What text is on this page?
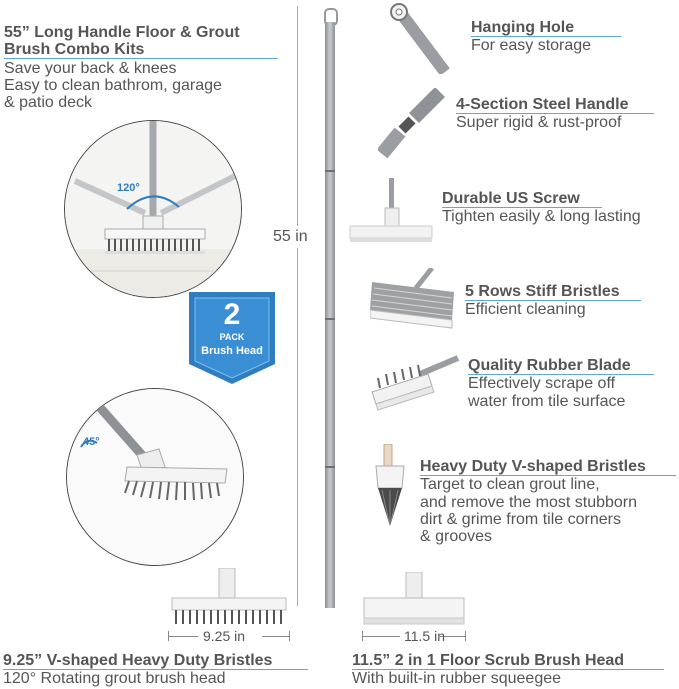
55” Long Handle Floor & Grout
Brush Combo Kits
Save your back & knees
Easy to clean bathrom, garage
& patio deck
120°
2
PACK
Brush Head
45°
55 in
Hanging Hole
For easy storage
4-Section Steel Handle
Super rigid & rust-proof
Durable US Screw
Tighten easily & long lasting
5 Rows Stiff Bristles
Efficient cleaning
Quality Rubber Blade
Effectively scrape off
water from tile surface
Heavy Duty V-shaped Bristles
Target to clean grout line,
and remove the most stubborn
dirt & grime from tile corners
& grooves
9.25 in	11.5 in
9.25” V-shaped Heavy Duty Bristles
120° Rotating grout brush head
11.5” 2 in 1 Floor Scrub Brush Head
With built-in rubber squeegee
